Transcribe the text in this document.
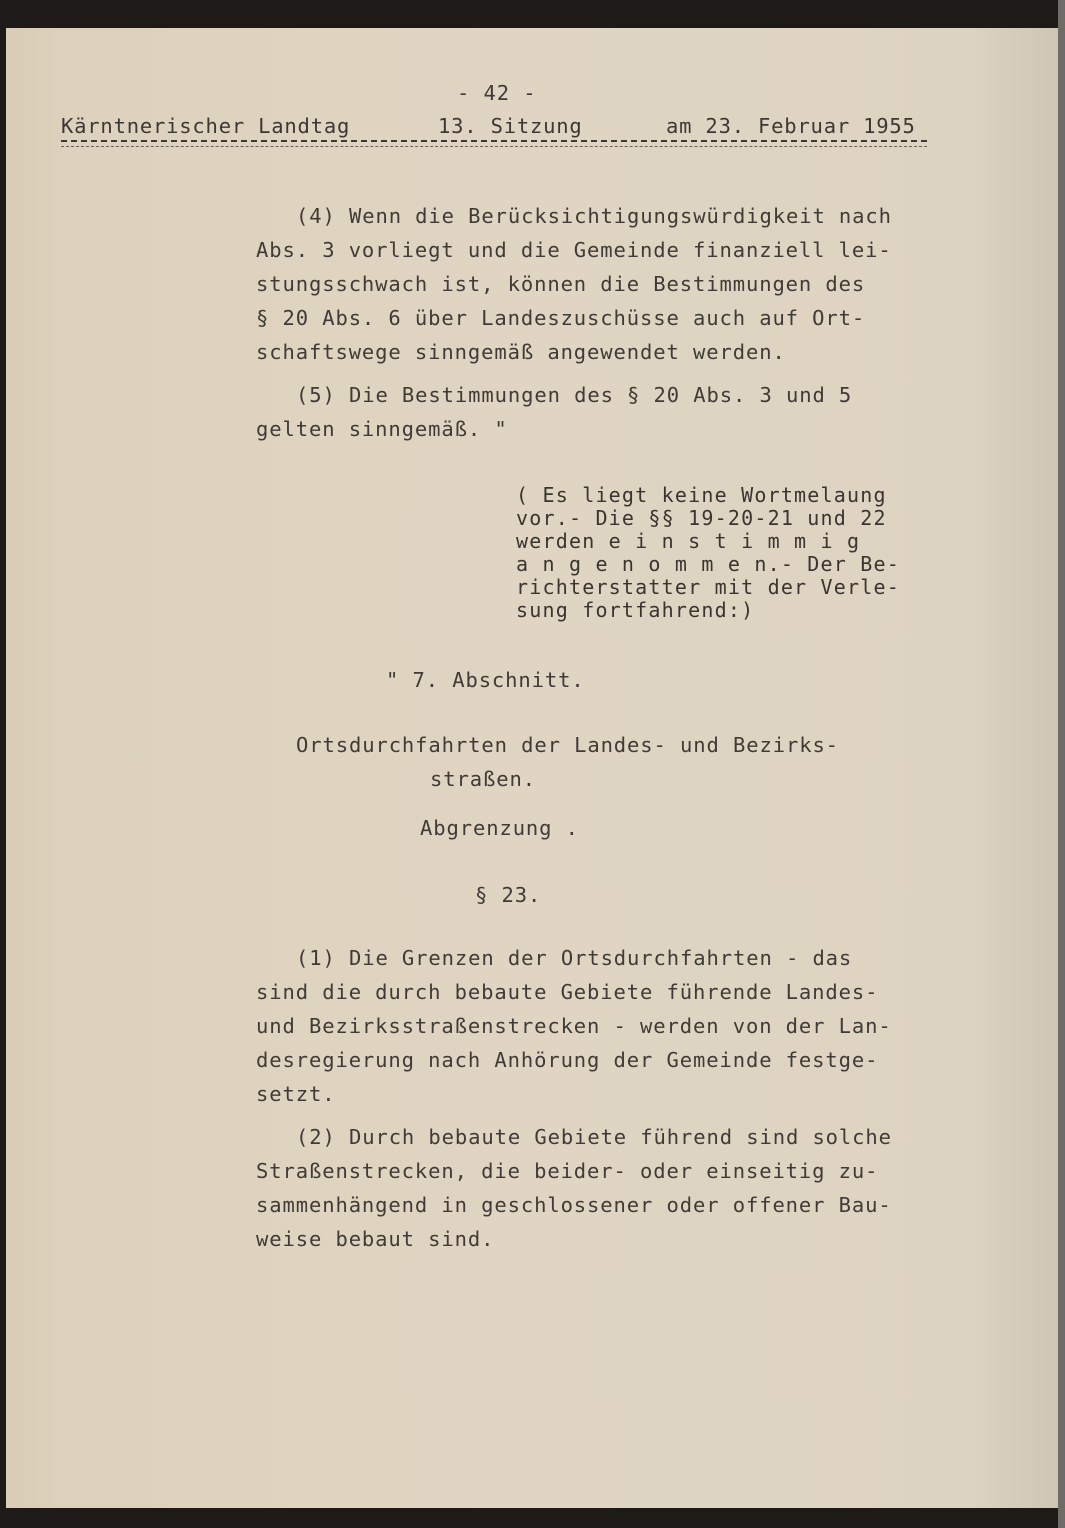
- 42 -

Kärntnerischer Landtag

	13. Sitzung

	am 23. Februar 1955

(4) Wenn die Berücksichtigungswürdigkeit nach
Abs. 3 vorliegt und die Gemeinde finanziell lei-
stungsschwach ist, können die Bestimmungen des
§ 20 Abs. 6 über Landeszuschüsse auch auf Ort-
schaftswege sinngemäß angewendet werden.
(5) Die Bestimmungen des § 20 Abs. 3 und 5
gelten sinngemäß. "
( Es liegt keine Wortmelaung
vor.- Die §§ 19-20-21 und 22
werden e i n s t i m m i g
a n g e n o m m e n.- Der Be-
richterstatter mit der Verle-
sung fortfahrend:)
" 7. Abschnitt.
Ortsdurchfahrten der Landes- und Bezirks-
straßen.
Abgrenzung .
§ 23.
(1) Die Grenzen der Ortsdurchfahrten - das
sind die durch bebaute Gebiete führende Landes-
und Bezirksstraßenstrecken - werden von der Lan-
desregierung nach Anhörung der Gemeinde festge-
setzt.
(2) Durch bebaute Gebiete führend sind solche
Straßenstrecken, die beider- oder einseitig zu-
sammenhängend in geschlossener oder offener Bau-
weise bebaut sind.
